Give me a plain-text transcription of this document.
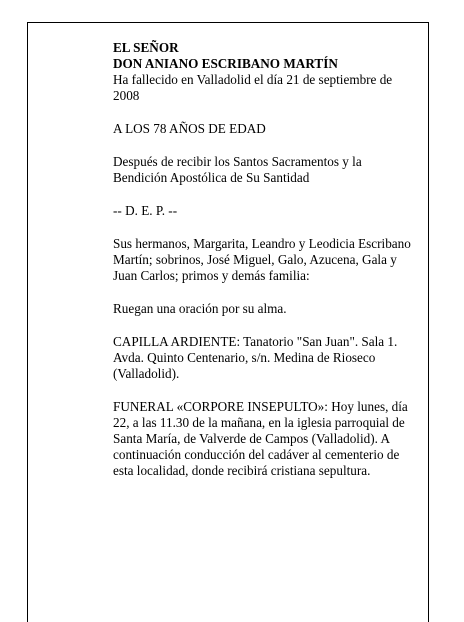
EL SEÑOR
DON ANIANO ESCRIBANO MARTÍN
Ha fallecido en Valladolid el día 21 de septiembre de 2008

A LOS 78 AÑOS DE EDAD

Después de recibir los Santos Sacramentos y la Bendición Apostólica de Su Santidad

-- D. E. P. --

Sus hermanos, Margarita, Leandro y Leodicia Escribano Martín; sobrinos, José Miguel, Galo, Azucena, Gala y Juan Carlos; primos y demás familia:

Ruegan una oración por su alma.

CAPILLA ARDIENTE: Tanatorio "San Juan". Sala 1. Avda. Quinto Centenario, s/n. Medina de Rioseco (Valladolid).

FUNERAL «CORPORE INSEPULTO»: Hoy lunes, día 22, a las 11.30 de la mañana, en la iglesia parroquial de Santa María, de Valverde de Campos (Valladolid). A continuación conducción del cadáver al cementerio de esta localidad, donde recibirá cristiana sepultura.
